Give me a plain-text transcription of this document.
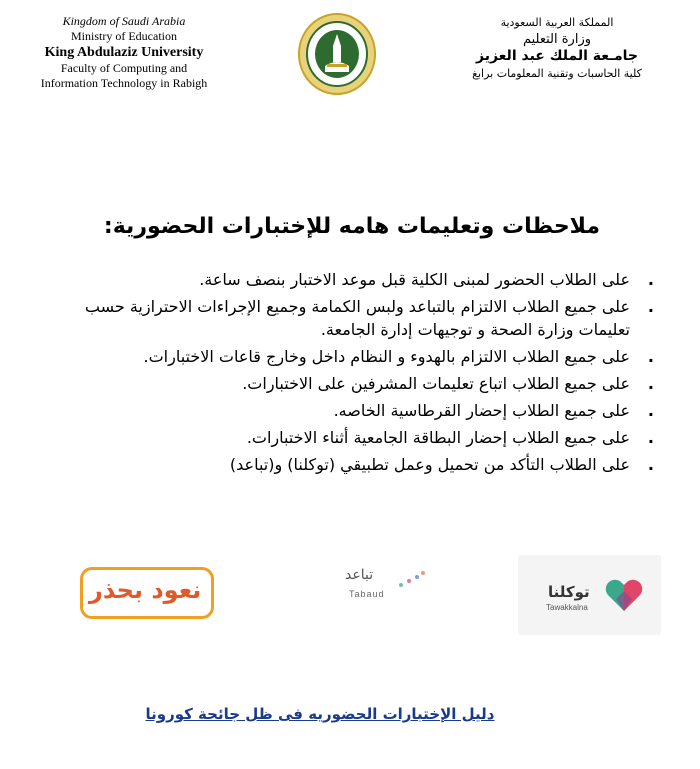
Kingdom of Saudi Arabia
Ministry of Education
King Abdulaziz University
Faculty of Computing and
Information Technology in Rabigh
المملكة العربية السعودية
وزارة التعليم
جامـعة الملك عبد العزيز
كلية الحاسبات وتقنية المعلومات برابغ
ملاحظات وتعليمات هامه للإختبارات الحضورية:
. على الطلاب الحضور لمبنى الكلية قبل موعد الاختبار بنصف ساعة.
. على جميع الطلاب الالتزام بالتباعد ولبس الكمامة وجميع الإجراءات الاحترازية حسب تعليمات وزارة الصحة و توجيهات إدارة الجامعة.
. على جميع الطلاب الالتزام بالهدوء و النظام داخل وخارج قاعات الاختبارات.
. على جميع الطلاب اتباع تعليمات المشرفين على الاختبارات.
. على جميع الطلاب إحضار القرطاسية الخاصه.
. على جميع الطلاب إحضار البطاقة الجامعية أثناء الاختبارات.
. على الطلاب التأكد من تحميل وعمل تطبيقي (توكلنا) و(تباعد)
نعود بحذر
تباعد
Tabaud	توكلنا
Tawakkalna
دليل الإختبارات الحضوريه فى ظل جائحة كورونا
